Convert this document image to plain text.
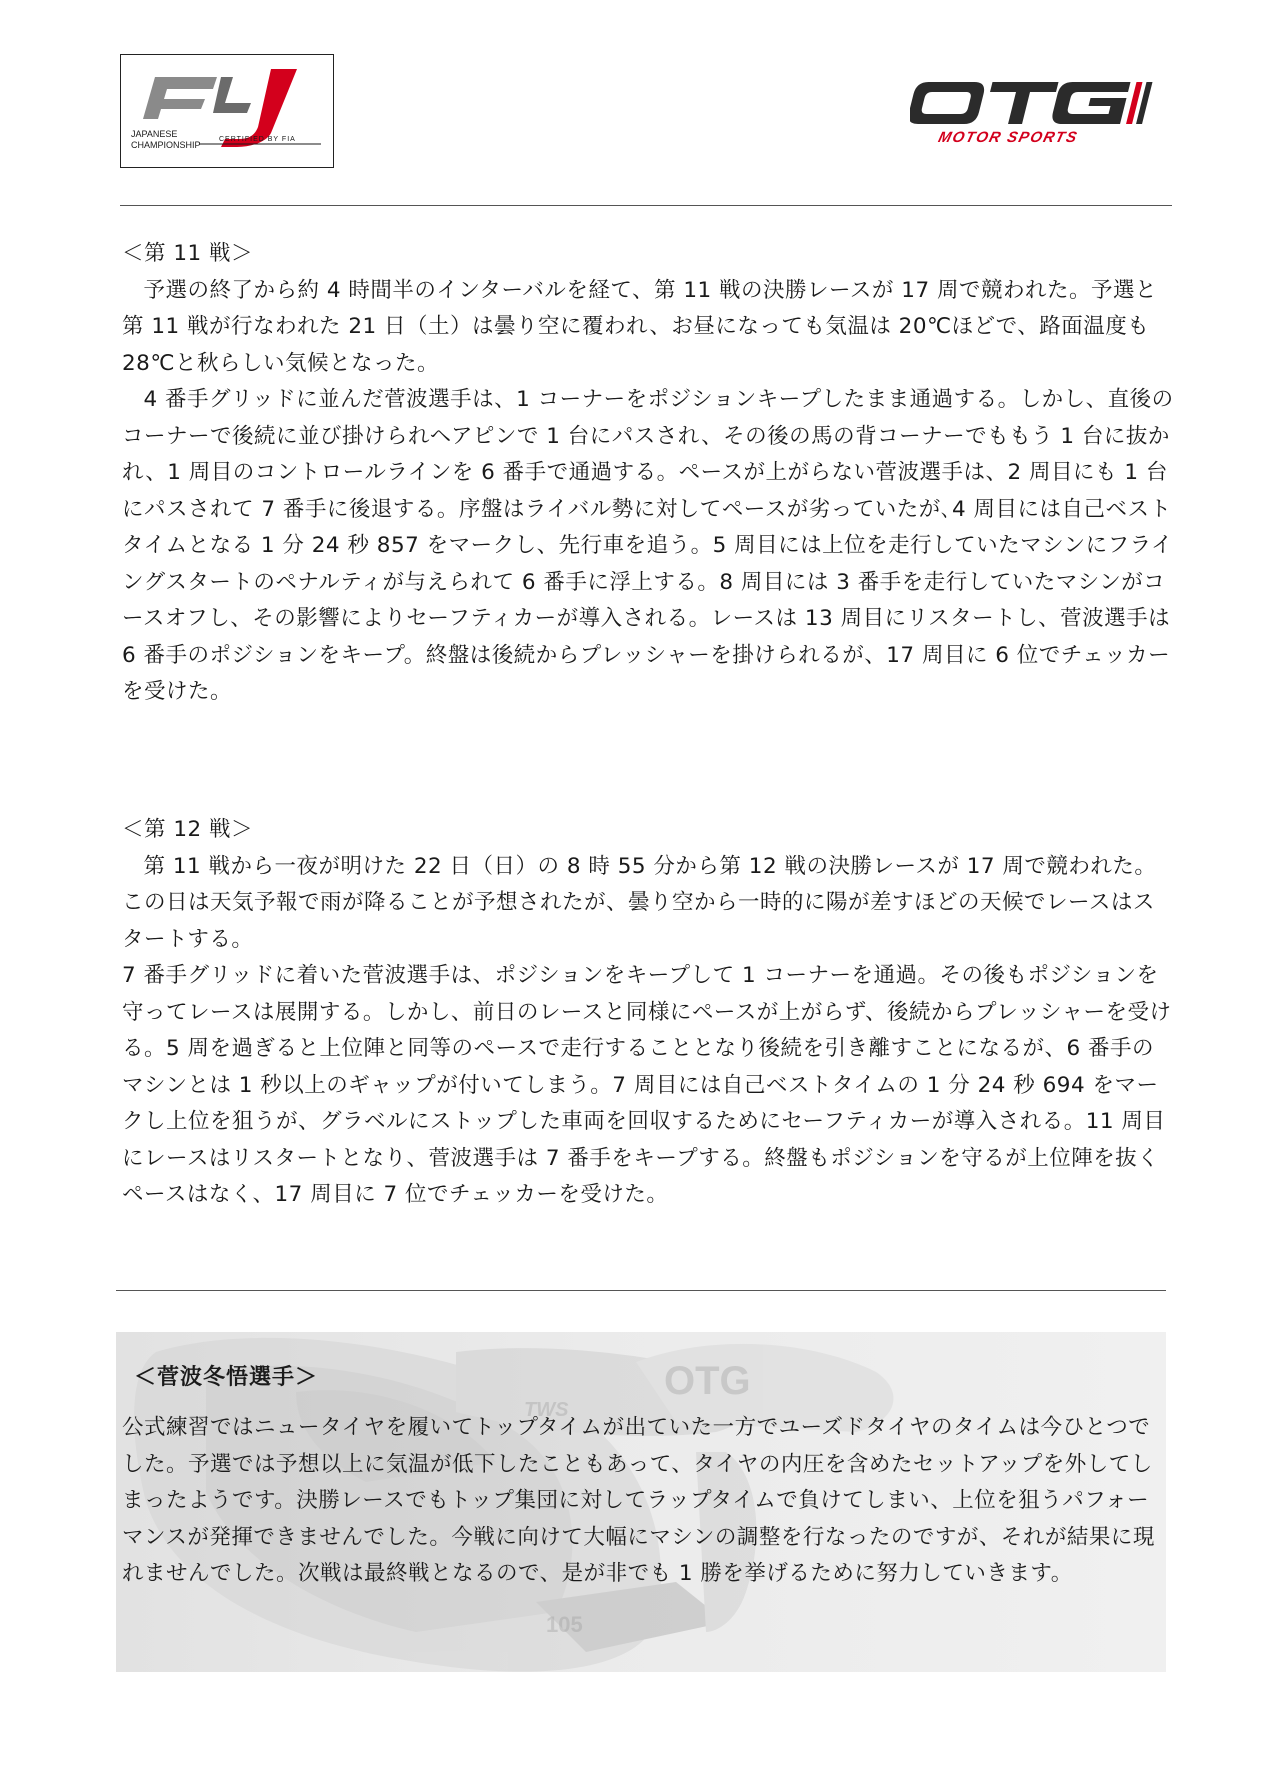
JAPANESE
CHAMPIONSHIP
CERTIFIED BY FIA	MOTOR SPORTS

＜第 11 戦＞

予選の終了から約 4 時間半のインターバルを経て、第 11 戦の決勝レースが 17 周で競われた。予選と第 11 戦が行なわれた 21 日（土）は曇り空に覆われ、お昼になっても気温は 20℃ほどで、路面温度も 28℃と秋らしい気候となった。

4 番手グリッドに並んだ菅波選手は、1 コーナーをポジションキープしたまま通過する。しかし、直後のコーナーで後続に並び掛けられヘアピンで 1 台にパスされ、その後の馬の背コーナーでももう 1 台に抜かれ、1 周目のコントロールラインを 6 番手で通過する。ペースが上がらない菅波選手は、2 周目にも 1 台にパスされて 7 番手に後退する。序盤はライバル勢に対してペースが劣っていたが､4 周目には自己ベストタイムとなる 1 分 24 秒 857 をマークし、先行車を追う。5 周目には上位を走行していたマシンにフライングスタートのペナルティが与えられて 6 番手に浮上する。8 周目には 3 番手を走行していたマシンがコースオフし、その影響によりセーフティカーが導入される。レースは 13 周目にリスタートし、菅波選手は 6 番手のポジションをキープ。終盤は後続からプレッシャーを掛けられるが、17 周目に 6 位でチェッカーを受けた。

＜第 12 戦＞

第 11 戦から一夜が明けた 22 日（日）の 8 時 55 分から第 12 戦の決勝レースが 17 周で競われた。この日は天気予報で雨が降ることが予想されたが、曇り空から一時的に陽が差すほどの天候でレースはスタートする。

7 番手グリッドに着いた菅波選手は、ポジションをキープして 1 コーナーを通過。その後もポジションを守ってレースは展開する。しかし、前日のレースと同様にペースが上がらず、後続からプレッシャーを受ける。5 周を過ぎると上位陣と同等のペースで走行することとなり後続を引き離すことになるが、6 番手のマシンとは 1 秒以上のギャップが付いてしまう。7 周目には自己ベストタイムの 1 分 24 秒 694 をマークし上位を狙うが、グラベルにストップした車両を回収するためにセーフティカーが導入される。11 周目にレースはリスタートとなり、菅波選手は 7 番手をキープする。終盤もポジションを守るが上位陣を抜くペースはなく、17 周目に 7 位でチェッカーを受けた。

OTG
TWS
105
＜菅波冬悟選手＞
公式練習ではニュータイヤを履いてトップタイムが出ていた一方でユーズドタイヤのタイムは今ひとつでした。予選では予想以上に気温が低下したこともあって、タイヤの内圧を含めたセットアップを外してしまったようです。決勝レースでもトップ集団に対してラップタイムで負けてしまい、上位を狙うパフォーマンスが発揮できませんでした。今戦に向けて大幅にマシンの調整を行なったのですが、それが結果に現れませんでした。次戦は最終戦となるので、是が非でも 1 勝を挙げるために努力していきます。
